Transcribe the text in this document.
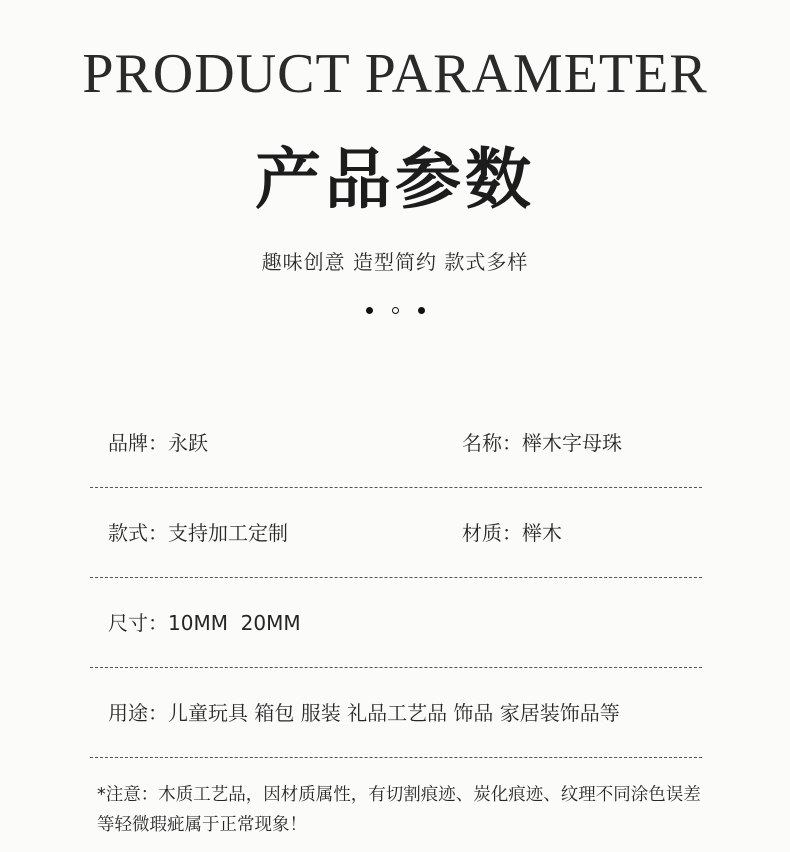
PRODUCT PARAMETER
产品参数
趣味创意 造型简约 款式多样
品牌：永跃	名称：榉木字母珠
款式：支持加工定制	材质：榉木
尺寸：10MM  20MM
用途：儿童玩具 箱包 服装 礼品工艺品 饰品 家居装饰品等
*注意：木质工艺品，因材质属性，有切割痕迹、炭化痕迹、纹理不同涂色误差等轻微瑕疵属于正常现象！
